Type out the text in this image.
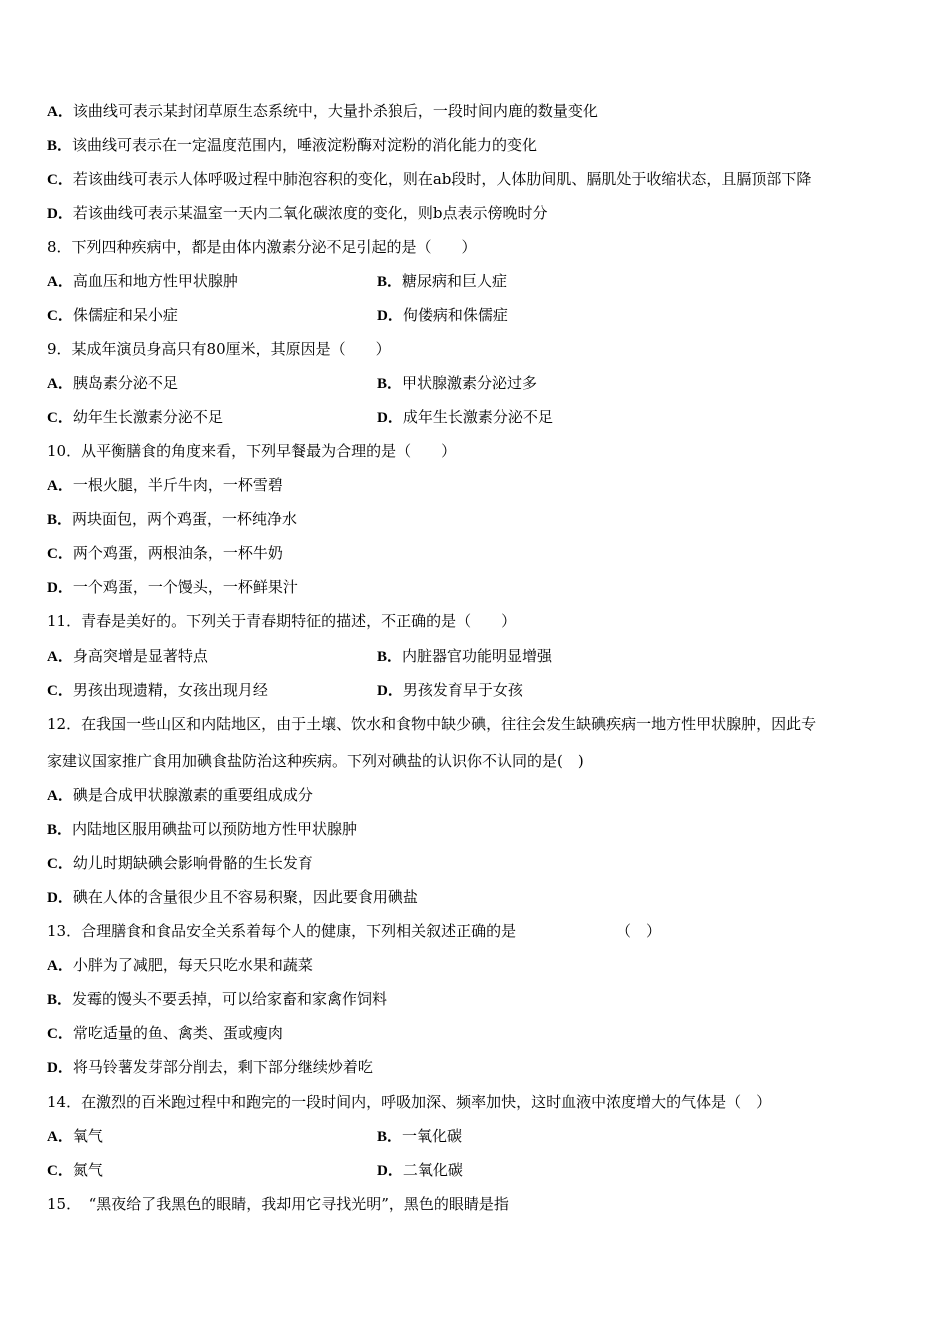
A．该曲线可表示某封闭草原生态系统中，大量扑杀狼后，一段时间内鹿的数量变化
B．该曲线可表示在一定温度范围内，唾液淀粉酶对淀粉的消化能力的变化
C．若该曲线可表示人体呼吸过程中肺泡容积的变化，则在ab段时，人体肋间肌、膈肌处于收缩状态，且膈顶部下降
D．若该曲线可表示某温室一天内二氧化碳浓度的变化，则b点表示傍晚时分
8．下列四种疾病中，都是由体内激素分泌不足引起的是（　　）
A．高血压和地方性甲状腺肿	B．糖尿病和巨人症
C．侏儒症和呆小症	D．佝偻病和侏儒症
9．某成年演员身高只有80厘米，其原因是（　　）
A．胰岛素分泌不足	B．甲状腺激素分泌过多
C．幼年生长激素分泌不足	D．成年生长激素分泌不足
10．从平衡膳食的角度来看，下列早餐最为合理的是（　　）
A．一根火腿，半斤牛肉，一杯雪碧
B．两块面包，两个鸡蛋，一杯纯净水
C．两个鸡蛋，两根油条，一杯牛奶
D．一个鸡蛋，一个馒头，一杯鲜果汁
11．青春是美好的。下列关于青春期特征的描述，不正确的是（　　）
A．身高突增是显著特点	B．内脏器官功能明显增强
C．男孩出现遗精，女孩出现月经	D．男孩发育早于女孩
12．在我国一些山区和内陆地区，由于土壤、饮水和食物中缺少碘，往往会发生缺碘疾病一地方性甲状腺肿，因此专
家建议国家推广食用加碘食盐防治这种疾病。下列对碘盐的认识你不认同的是(　)
A．碘是合成甲状腺激素的重要组成成分
B．内陆地区服用碘盐可以预防地方性甲状腺肿
C．幼儿时期缺碘会影响骨骼的生长发育
D．碘在人体的含量很少且不容易积聚，因此要食用碘盐
13．合理膳食和食品安全关系着每个人的健康，下列相关叙述正确的是	（　）
A．小胖为了减肥，每天只吃水果和蔬菜
B．发霉的馒头不要丢掉，可以给家畜和家禽作饲料
C．常吃适量的鱼、禽类、蛋或瘦肉
D．将马铃薯发芽部分削去，剩下部分继续炒着吃
14．在激烈的百米跑过程中和跑完的一段时间内，呼吸加深、频率加快，这时血液中浓度增大的气体是（　）
A．氧气	B．一氧化碳
C．氮气	D．二氧化碳
15．　“黑夜给了我黑色的眼睛，我却用它寻找光明”，黑色的眼睛是指
